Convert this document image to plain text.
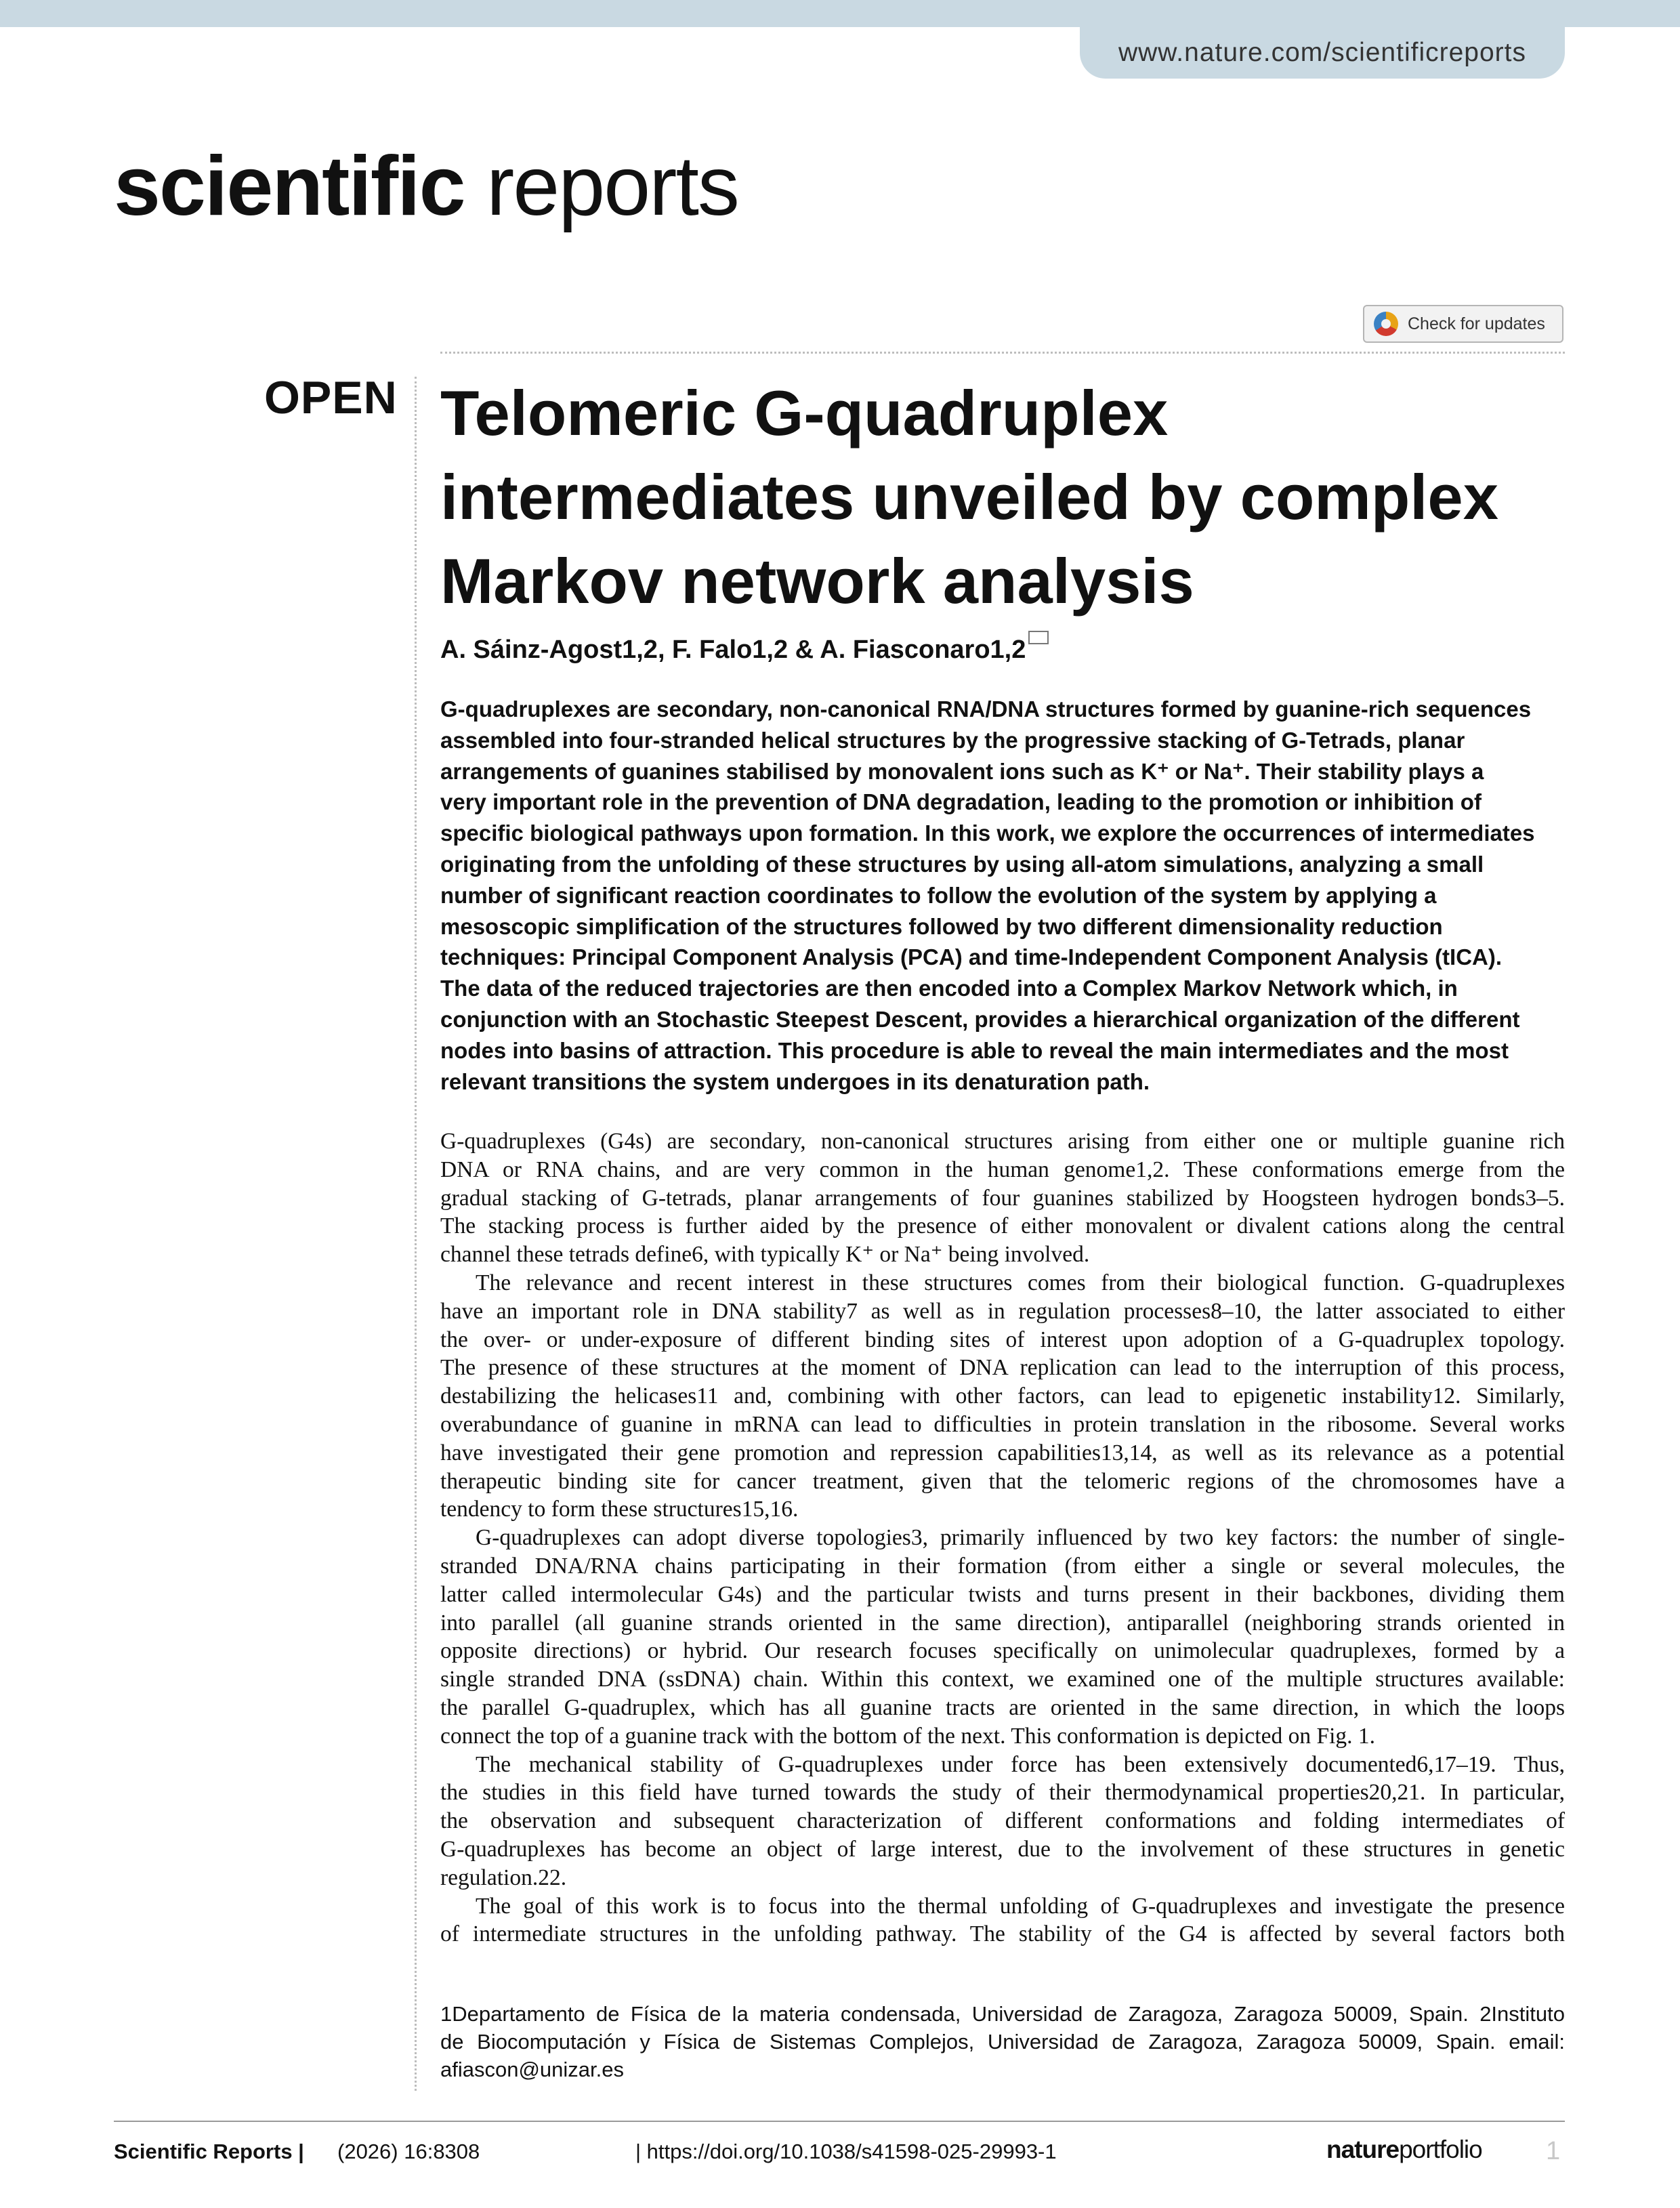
www.nature.com/scientificreports
scientific reports
Check for updates
OPEN Telomeric G-quadruplex
intermediates unveiled by complex
Markov network analysis
A. Sáinz-Agost1,2, F. Falo1,2 & A. Fiasconaro1,2
G-quadruplexes are secondary, non-canonical RNA/DNA structures formed by guanine-rich sequences
assembled into four-stranded helical structures by the progressive stacking of G-Tetrads, planar
arrangements of guanines stabilised by monovalent ions such as K⁺ or Na⁺. Their stability plays a
very important role in the prevention of DNA degradation, leading to the promotion or inhibition of
specific biological pathways upon formation. In this work, we explore the occurrences of intermediates
originating from the unfolding of these structures by using all-atom simulations, analyzing a small
number of significant reaction coordinates to follow the evolution of the system by applying a
mesoscopic simplification of the structures followed by two different dimensionality reduction
techniques: Principal Component Analysis (PCA) and time-Independent Component Analysis (tICA).
The data of the reduced trajectories are then encoded into a Complex Markov Network which, in
conjunction with an Stochastic Steepest Descent, provides a hierarchical organization of the different
nodes into basins of attraction. This procedure is able to reveal the main intermediates and the most
relevant transitions the system undergoes in its denaturation path.
G-quadruplexes (G4s) are secondary, non-canonical structures arising from either one or multiple guanine rich
DNA or RNA chains, and are very common in the human genome1,2. These conformations emerge from the
gradual stacking of G-tetrads, planar arrangements of four guanines stabilized by Hoogsteen hydrogen bonds3–5.
The stacking process is further aided by the presence of either monovalent or divalent cations along the central
channel these tetrads define6, with typically K⁺ or Na⁺ being involved.
The relevance and recent interest in these structures comes from their biological function. G-quadruplexes
have an important role in DNA stability7 as well as in regulation processes8–10, the latter associated to either
the over- or under-exposure of different binding sites of interest upon adoption of a G-quadruplex topology.
The presence of these structures at the moment of DNA replication can lead to the interruption of this process,
destabilizing the helicases11 and, combining with other factors, can lead to epigenetic instability12. Similarly,
overabundance of guanine in mRNA can lead to difficulties in protein translation in the ribosome. Several works
have investigated their gene promotion and repression capabilities13,14, as well as its relevance as a potential
therapeutic binding site for cancer treatment, given that the telomeric regions of the chromosomes have a
tendency to form these structures15,16.
G-quadruplexes can adopt diverse topologies3, primarily influenced by two key factors: the number of single-
stranded DNA/RNA chains participating in their formation (from either a single or several molecules, the
latter called intermolecular G4s) and the particular twists and turns present in their backbones, dividing them
into parallel (all guanine strands oriented in the same direction), antiparallel (neighboring strands oriented in
opposite directions) or hybrid. Our research focuses specifically on unimolecular quadruplexes, formed by a
single stranded DNA (ssDNA) chain. Within this context, we examined one of the multiple structures available:
the parallel G-quadruplex, which has all guanine tracts are oriented in the same direction, in which the loops
connect the top of a guanine track with the bottom of the next. This conformation is depicted on Fig. 1.
The mechanical stability of G-quadruplexes under force has been extensively documented6,17–19. Thus,
the studies in this field have turned towards the study of their thermodynamical properties20,21. In particular,
the observation and subsequent characterization of different conformations and folding intermediates of
G-quadruplexes has become an object of large interest, due to the involvement of these structures in genetic
regulation.22.
The goal of this work is to focus into the thermal unfolding of G-quadruplexes and investigate the presence
of intermediate structures in the unfolding pathway. The stability of the G4 is affected by several factors both
1Departamento de Física de la materia condensada, Universidad de Zaragoza, Zaragoza 50009, Spain. 2Instituto
de Biocomputación y Física de Sistemas Complejos, Universidad de Zaragoza, Zaragoza 50009, Spain. email:
afiascon@unizar.es
Scientific Reports | (2026) 16:8308	| https://doi.org/10.1038/s41598-025-29993-1	natureportfolio 1
